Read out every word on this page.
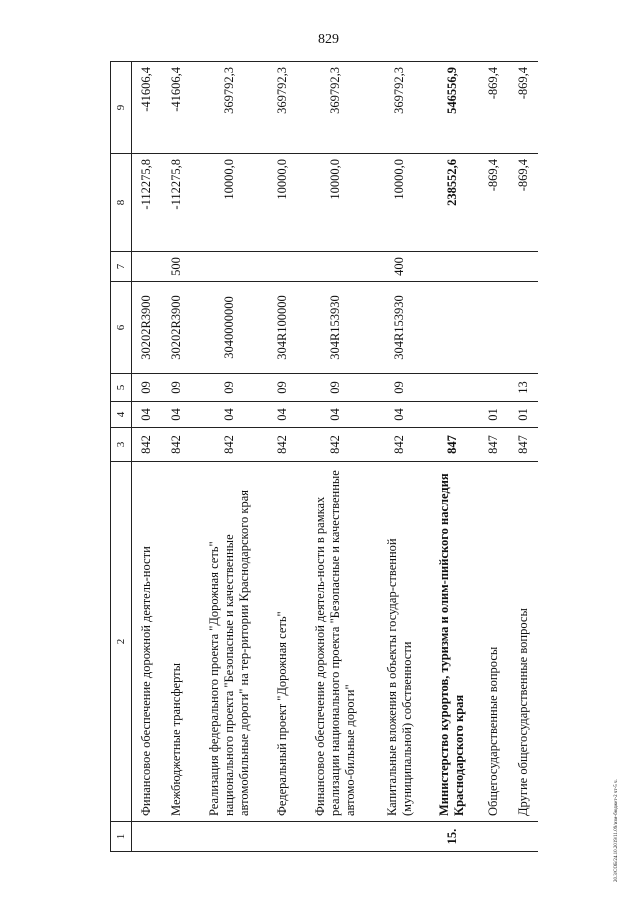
829
20.3/СОБ/24.10.2019/11.09/изм-бюджет-2 чт-5 ч.
1	2	3	4	5	6	7	8	9
	Финансовое обеспечение дорожной деятель-ности	842	04	09	30202R3900		-112275,8	-41606,4
	Межбюджетные трансферты	842	04	09	30202R3900	500	-112275,8	-41606,4
	Реализация федерального проекта "Дорожная сеть" национального проекта "Безопасные и качественные автомобильные дороги" на тер-ритории Краснодарского края	842	04	09	3040000000		10000,0	369792,3
	Федеральный проект "Дорожная сеть"	842	04	09	304R100000		10000,0	369792,3
	Финансовое обеспечение дорожной деятель-ности в рамках реализации национального проекта "Безопасные и качественные автомо-бильные дороги"	842	04	09	304R153930		10000,0	369792,3
	Капитальные вложения в объекты государ-ственной (муниципальной) собственности	842	04	09	304R153930	400	10000,0	369792,3
15.	Министерство курортов, туризма и олим-пийского наследия Краснодарского края	847					238552,6	546556,9
	Общегосударственные вопросы	847	01				-869,4	-869,4
	Другие общегосударственные вопросы	847	01	13			-869,4	-869,4
